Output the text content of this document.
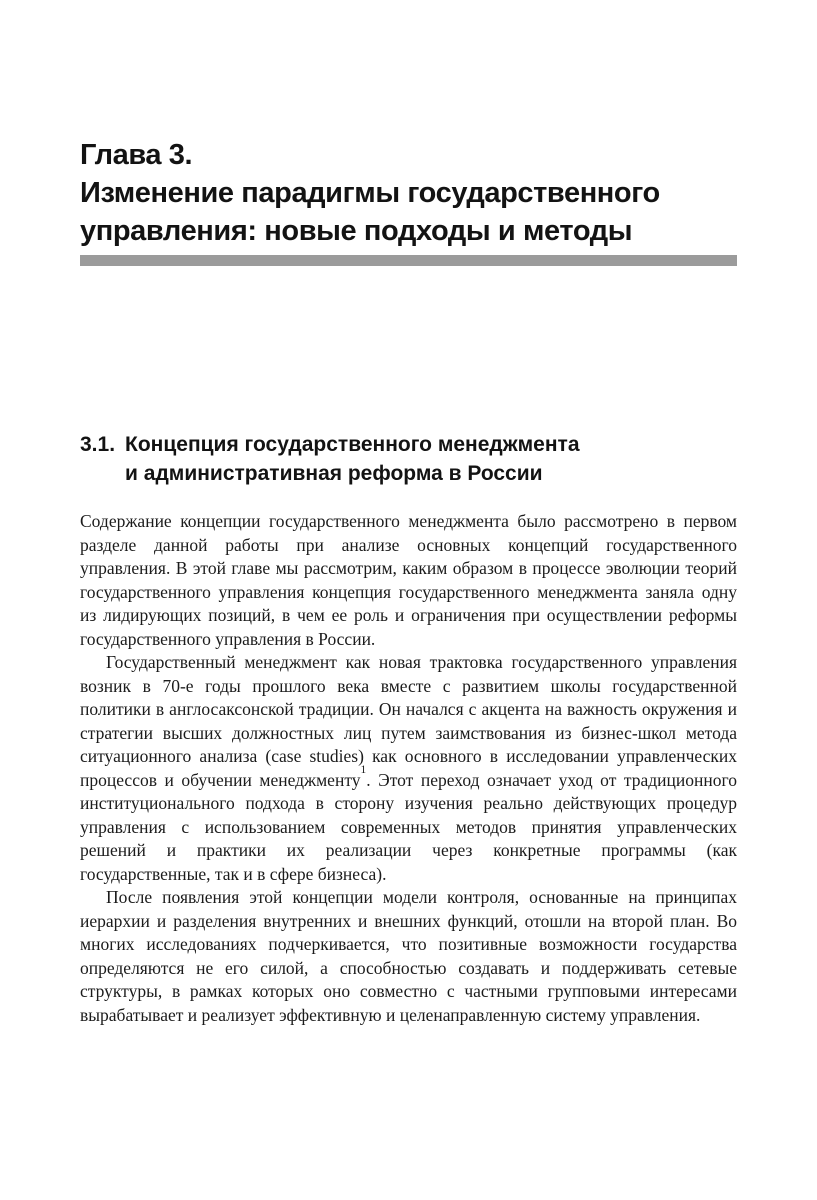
Глава 3.
Изменение парадигмы государственного
управления: новые подходы и методы
3.1. Концепция государственного менеджмента
и административная реформа в России

Содержание концепции государственного менеджмента было рассмотрено в первом разделе данной работы при анализе основных концепций государственного управления. В этой главе мы рассмотрим, каким образом в процессе эволюции теорий государственного управления концепция государственного менеджмента заняла одну из лидирующих позиций, в чем ее роль и ограничения при осуществлении реформы государственного управления в России.

Государственный менеджмент как новая трактовка государственного управления возник в 70-е годы прошлого века вместе с развитием школы государственной политики в англосаксонской традиции. Он начался с акцента на важность окружения и стратегии высших должностных лиц путем заимствования из бизнес-школ метода ситуационного анализа (case studies) как основного в исследовании управленческих процессов и обучении менеджменту$^1$. Этот переход означает уход от традиционного институционального подхода в сторону изучения реально действующих процедур управления с использованием современных методов принятия управленческих решений и практики их реализации через конкретные программы (как государственные, так и в сфере бизнеса).

После появления этой концепции модели контроля, основанные на принципах иерархии и разделения внутренних и внешних функций, отошли на второй план. Во многих исследованиях подчеркивается, что позитивные возможности государства определяются не его силой, а способностью создавать и поддерживать сетевые структуры, в рамках которых оно совместно с частными групповыми интересами вырабатывает и реализует эффективную и целенаправленную систему управления.
